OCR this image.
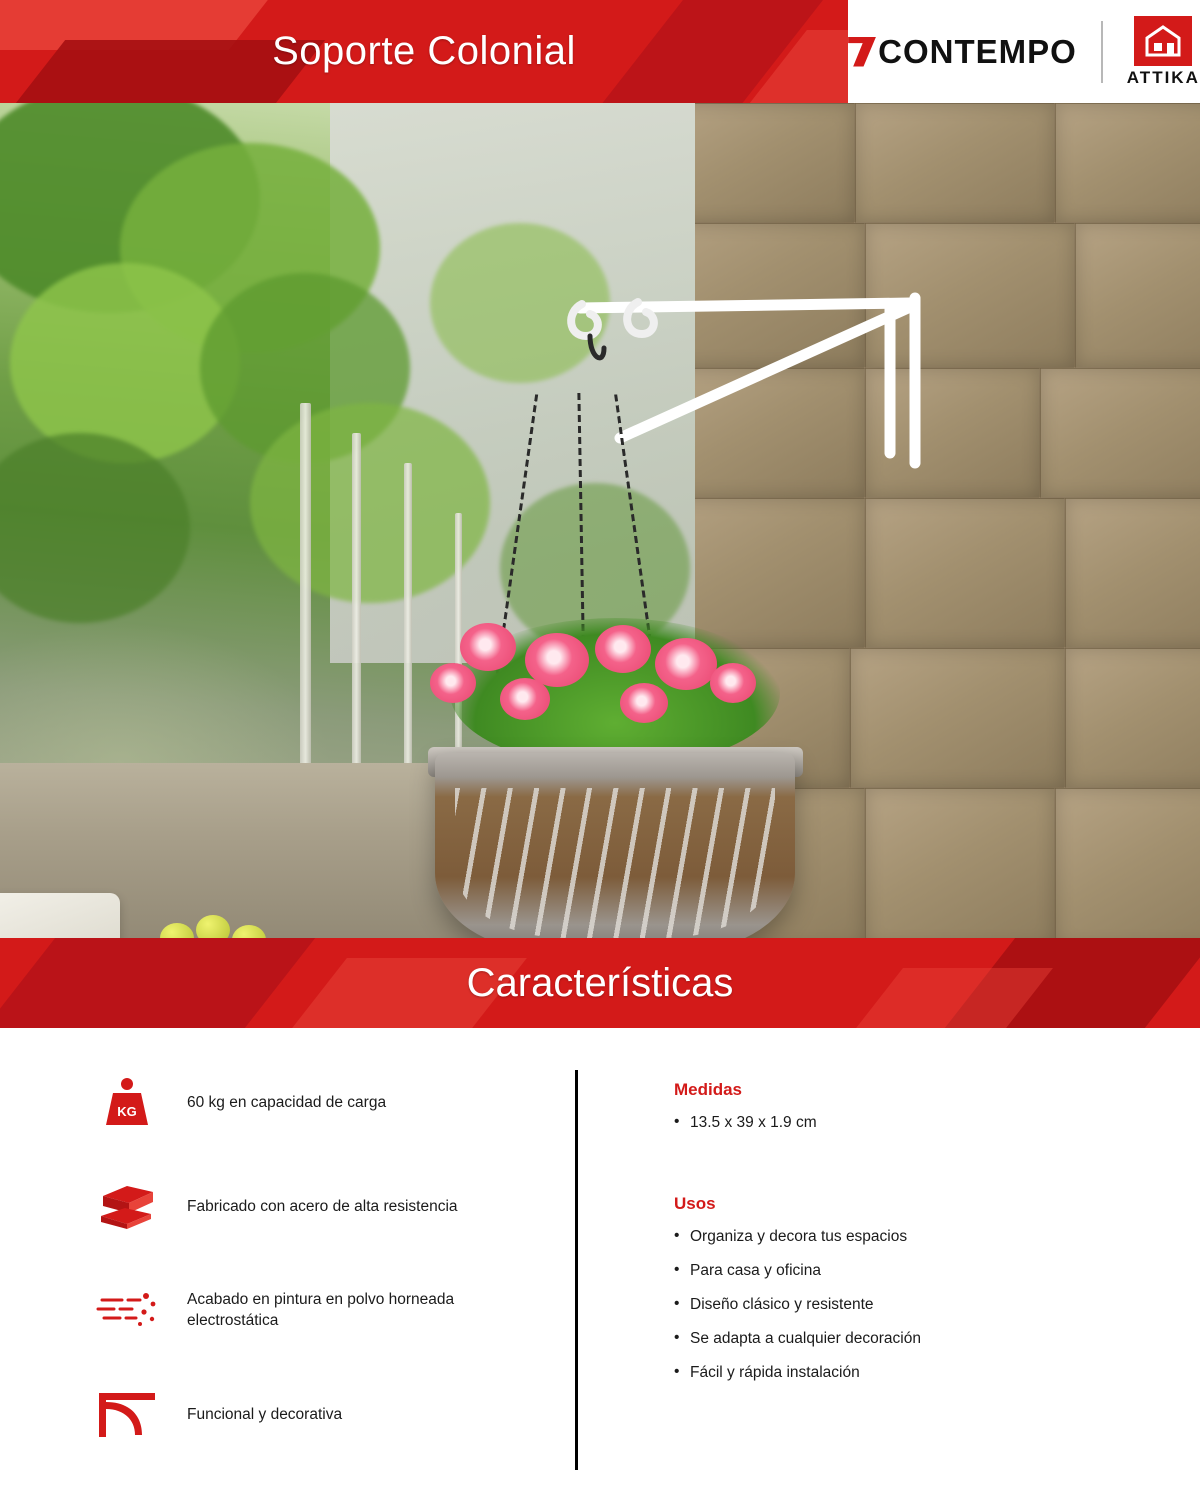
Soporte Colonial	CONTEMPO
ATTIKA
Características
KG
60 kg en capacidad de carga
Fabricado con acero de alta resistencia
Acabado en pintura en polvo horneada electrostática
Funcional y decorativa
Medidas
• 13.5 x 39 x 1.9 cm
Usos
• Organiza y decora tus espacios
• Para casa y oficina
• Diseño clásico y resistente
• Se adapta a cualquier decoración
• Fácil y rápida instalación
